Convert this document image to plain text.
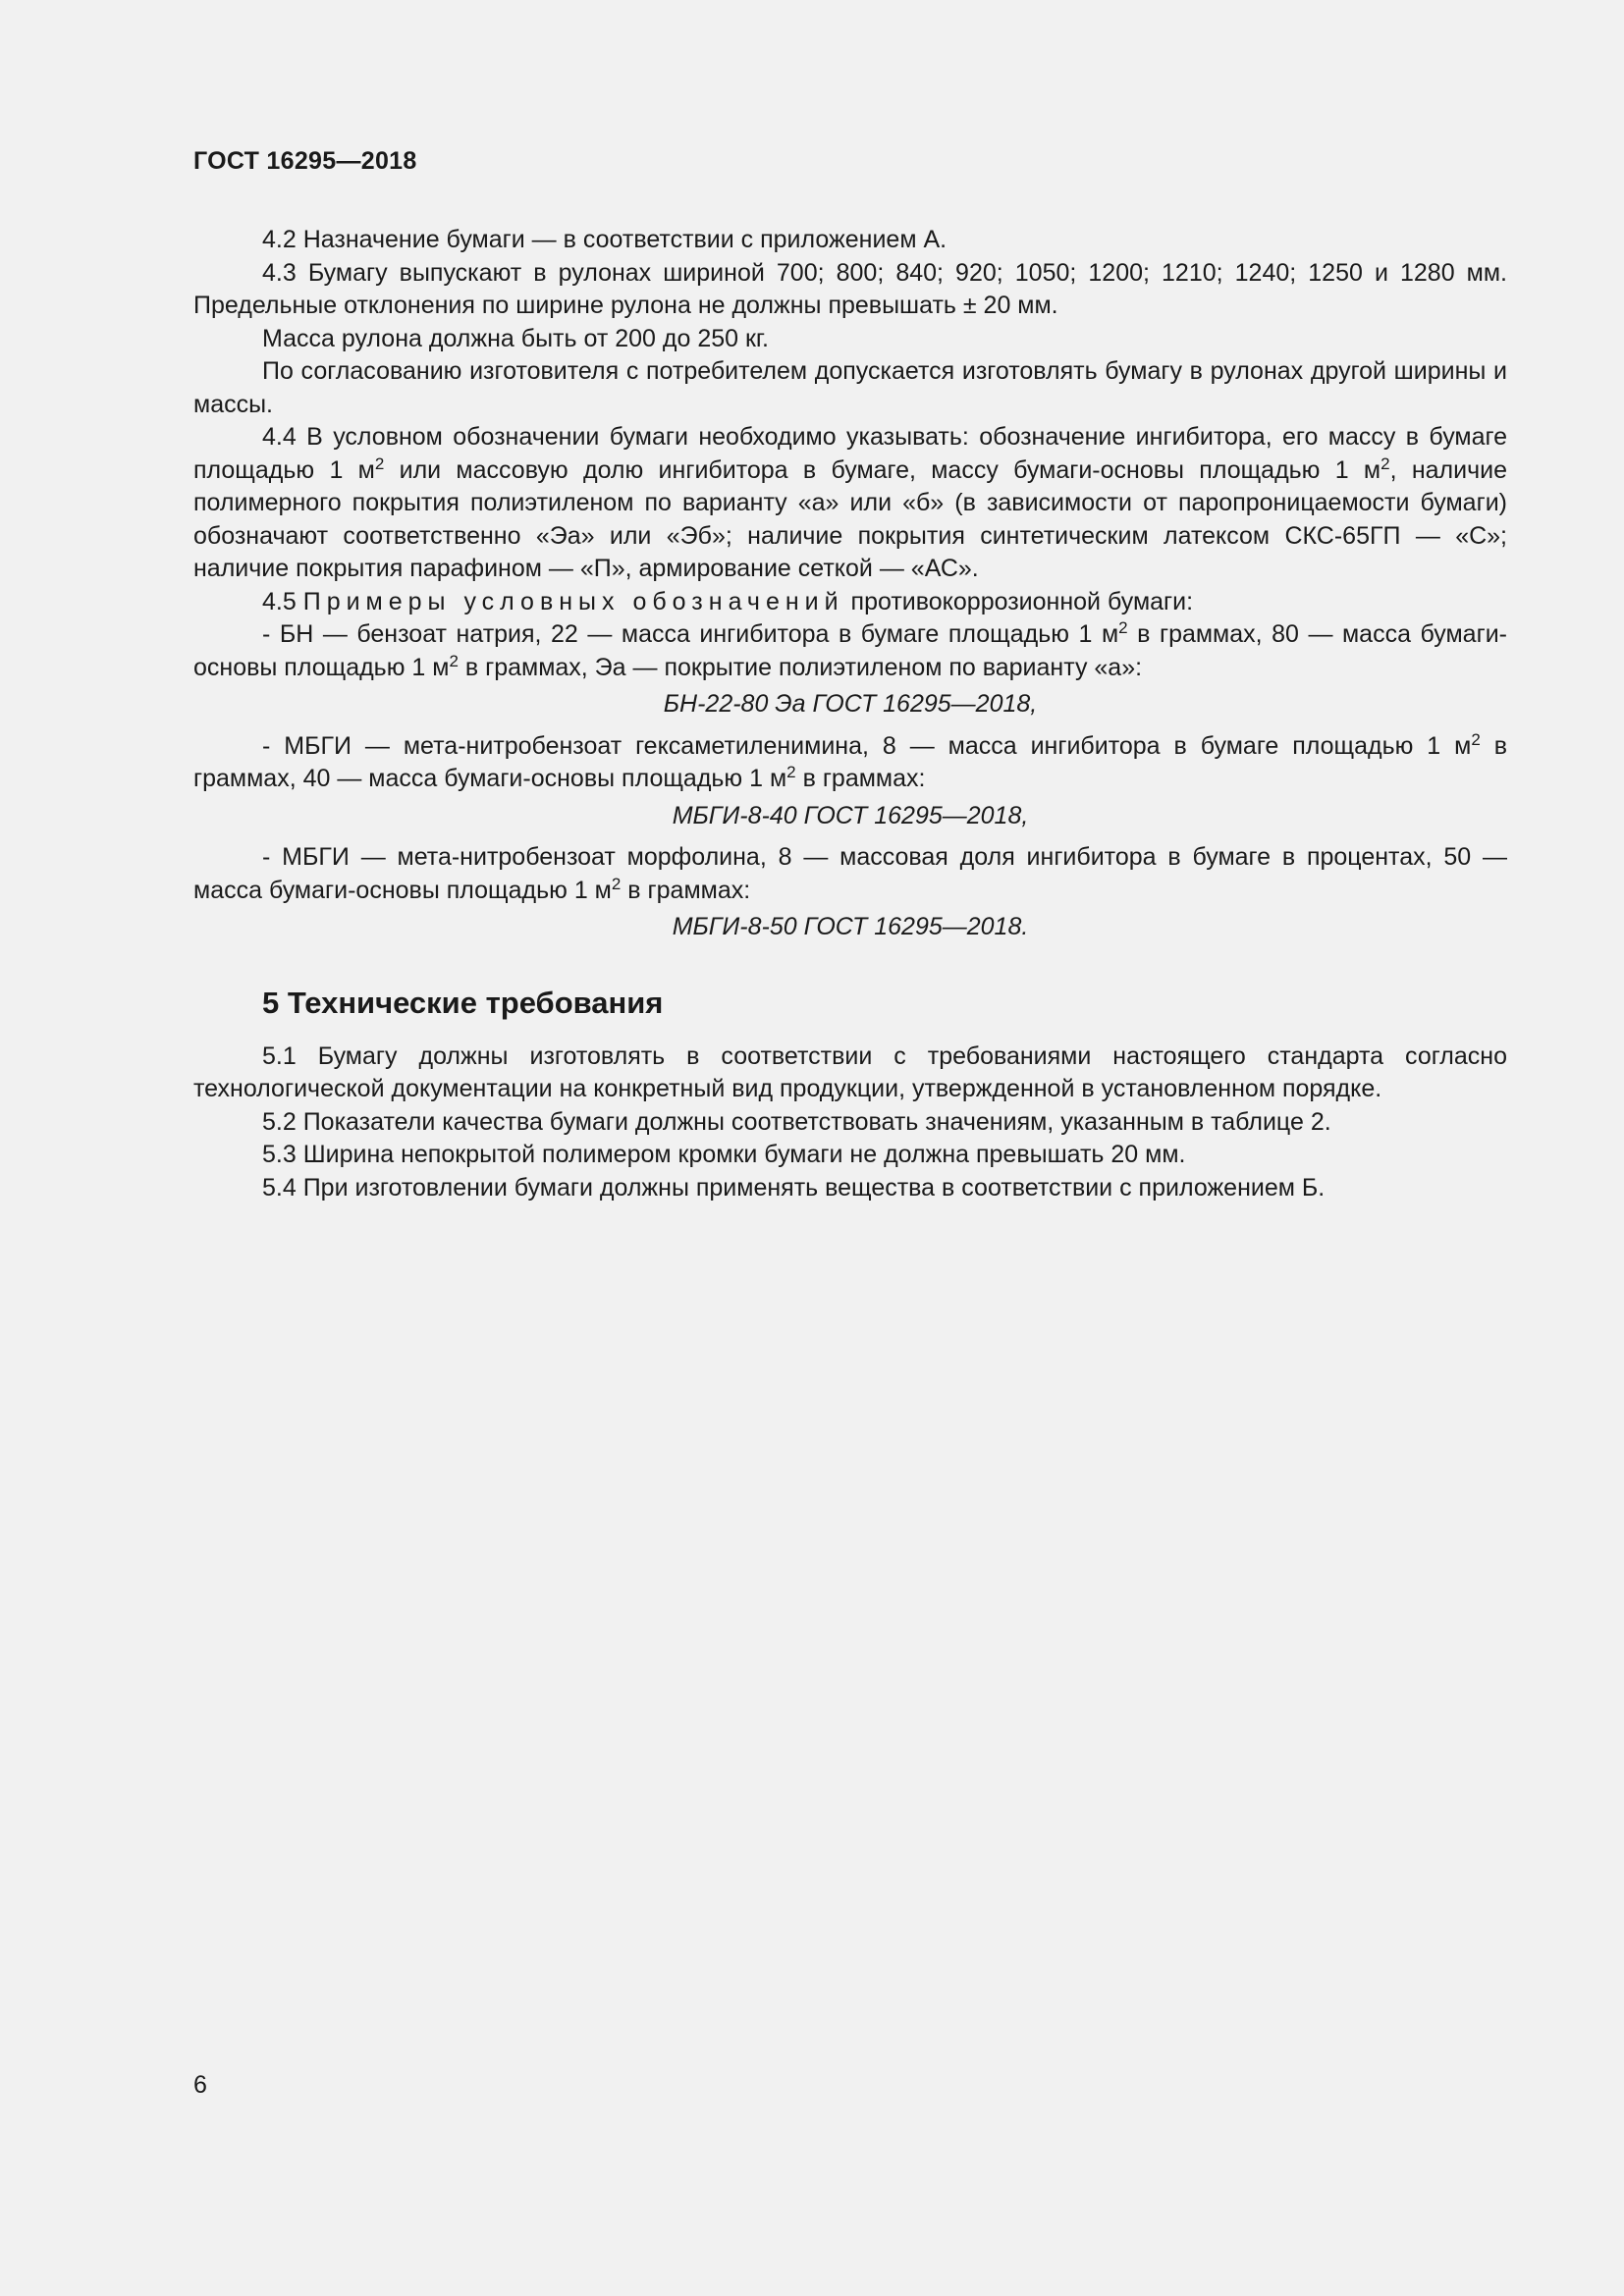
ГОСТ 16295—2018

4.2 Назначение бумаги — в соответствии с приложением А.

4.3 Бумагу выпускают в рулонах шириной 700; 800; 840; 920; 1050; 1200; 1210; 1240; 1250 и 1280 мм. Предельные отклонения по ширине рулона не должны превышать ± 20 мм.

Масса рулона должна быть от 200 до 250 кг.

По согласованию изготовителя с потребителем допускается изготовлять бумагу в рулонах другой ширины и массы.

4.4 В условном обозначении бумаги необходимо указывать: обозначение ингибитора, его массу в бумаге площадью 1 $м^2$ или массовую долю ингибитора в бумаге, массу бумаги-основы площадью 1 $м^2$, наличие полимерного покрытия полиэтиленом по варианту «а» или «б» (в зависимости от паропроницаемости бумаги) обозначают соответственно «Эа» или «Эб»; наличие покрытия синтетическим латексом СКС-65ГП — «С»; наличие покрытия парафином — «П», армирование сеткой — «АС».

4.5 Примеры условных обозначений противокоррозионной бумаги:

- БН — бензоат натрия, 22 — масса ингибитора в бумаге площадью 1 $м^2$ в граммах, 80 — масса бумаги-основы площадью 1 $м^2$ в граммах, Эа — покрытие полиэтиленом по варианту «а»:

БН-22-80 Эа ГОСТ 16295—2018,

- МБГИ — мета-нитробензоат гексаметиленимина, 8 — масса ингибитора в бумаге площадью 1 $м^2$ в граммах, 40 — масса бумаги-основы площадью 1 $м^2$ в граммах:

МБГИ-8-40 ГОСТ 16295—2018,

- МБГИ — мета-нитробензоат морфолина, 8 — массовая доля ингибитора в бумаге в процентах, 50 — масса бумаги-основы площадью 1 $м^2$ в граммах:

МБГИ-8-50 ГОСТ 16295—2018.

5 Технические требования

5.1 Бумагу должны изготовлять в соответствии с требованиями настоящего стандарта согласно технологической документации на конкретный вид продукции, утвержденной в установленном порядке.

5.2 Показатели качества бумаги должны соответствовать значениям, указанным в таблице 2.

5.3 Ширина непокрытой полимером кромки бумаги не должна превышать 20 мм.

5.4 При изготовлении бумаги должны применять вещества в соответствии с приложением Б.

6
